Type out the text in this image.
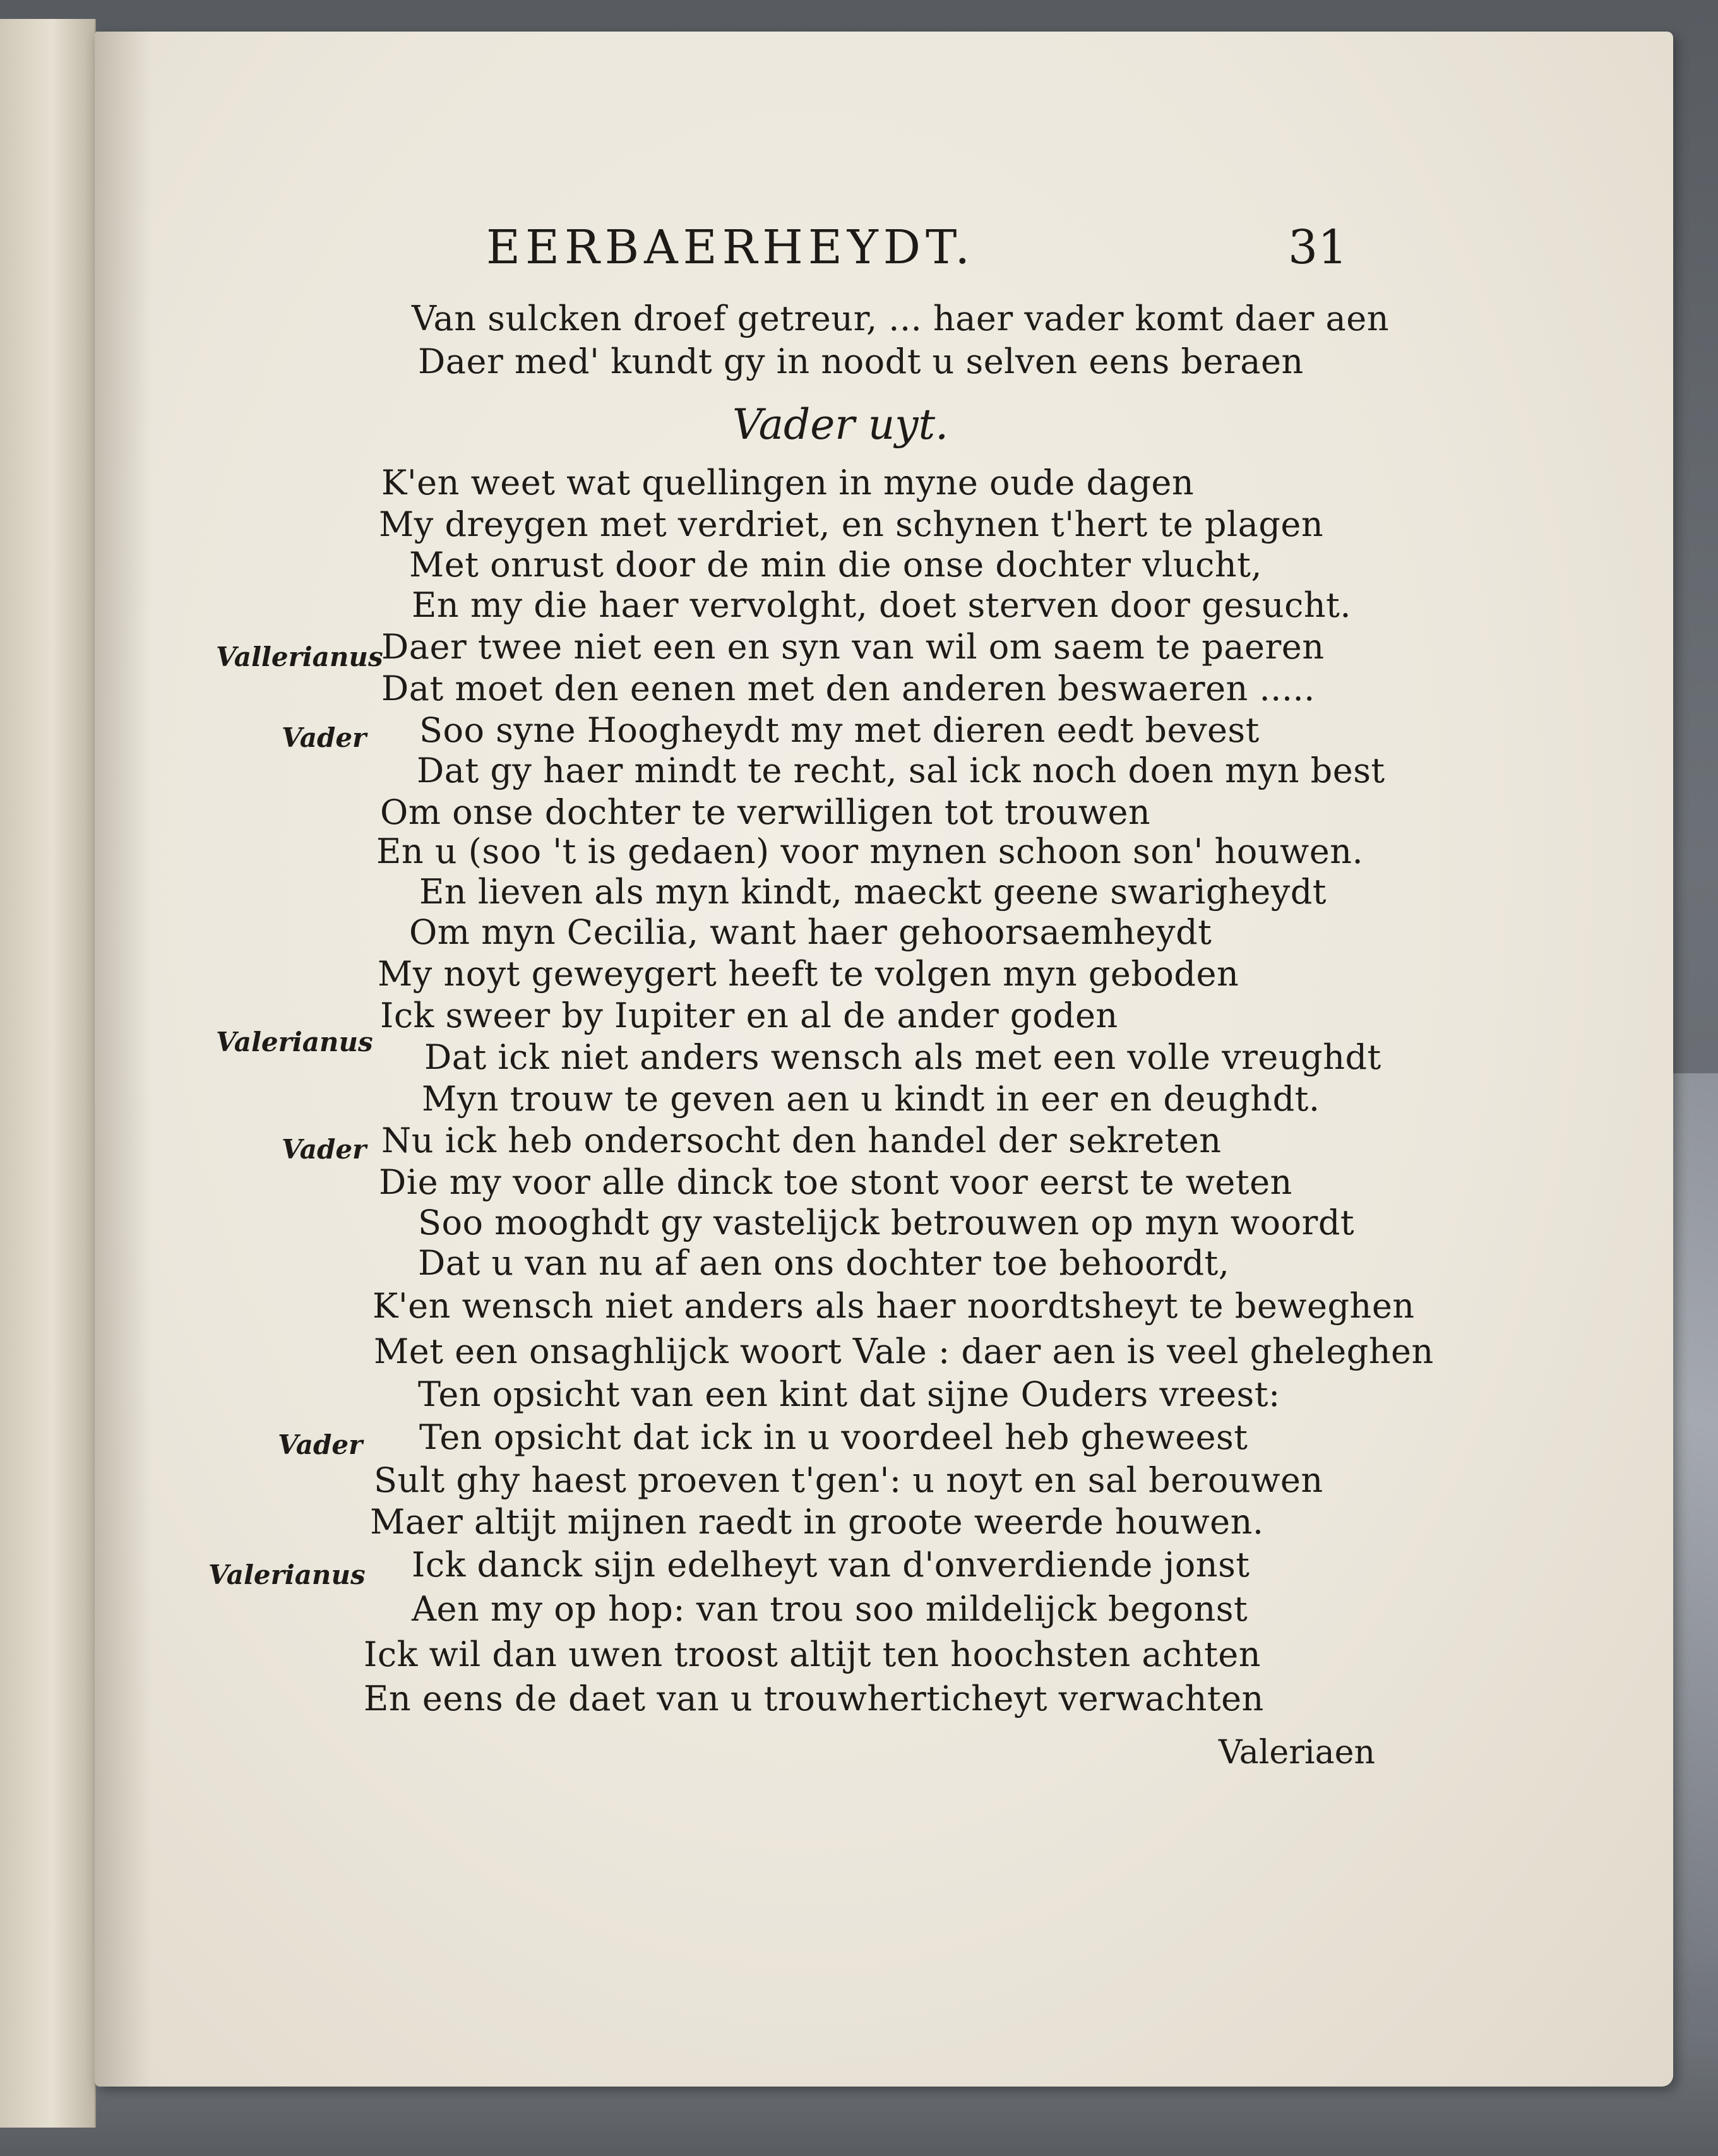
EERBAERHEYDT.	31
Vader uyt.
Van sulcken droef getreur, ... haer vader komt daer aen
Daer med' kundt gy in noodt u selven eens beraen
K'en weet wat quellingen in myne oude dagen
My dreygen met verdriet, en schynen t'hert te plagen
Met onrust door de min die onse dochter vlucht,
En my die haer vervolght, doet sterven door gesucht.
Vallerianus
Daer twee niet een en syn van wil om saem te paeren
Dat moet den eenen met den anderen beswaeren .....
Vader Soo syne Hoogheydt my met dieren eedt bevest
Dat gy haer mindt te recht, sal ick noch doen myn best
Om onse dochter te verwilligen tot trouwen
En u (soo 't is gedaen) voor mynen schoon son' houwen.
En lieven als myn kindt, maeckt geene swarigheydt
Om myn Cecilia, want haer gehoorsaemheydt
My noyt geweygert heeft te volgen myn geboden
Valerianus
Ick sweer by Iupiter en al de ander goden
Dat ick niet anders wensch als met een volle vreughdt
Myn trouw te geven aen u kindt in eer en deughdt.
Vader Nu ick heb ondersocht den handel der sekreten
Die my voor alle dinck toe stont voor eerst te weten
Soo mooghdt gy vastelijck betrouwen op myn woordt
Dat u van nu af aen ons dochter toe behoordt,
K'en wensch niet anders als haer noordtsheyt te beweghen
Met een onsaghlijck woort Vale : daer aen is veel gheleghen
Ten opsicht van een kint dat sijne Ouders vreest:
Vader Ten opsicht dat ick in u voordeel heb gheweest
Sult ghy haest proeven t'gen': u noyt en sal berouwen
Maer altijt mijnen raedt in groote weerde houwen.
Valerianus Ick danck sijn edelheyt van d'onverdiende jonst
Aen my op hop: van trou soo mildelijck begonst
Ick wil dan uwen troost altijt ten hoochsten achten
En eens de daet van u trouwherticheyt verwachten
Valeriaen
